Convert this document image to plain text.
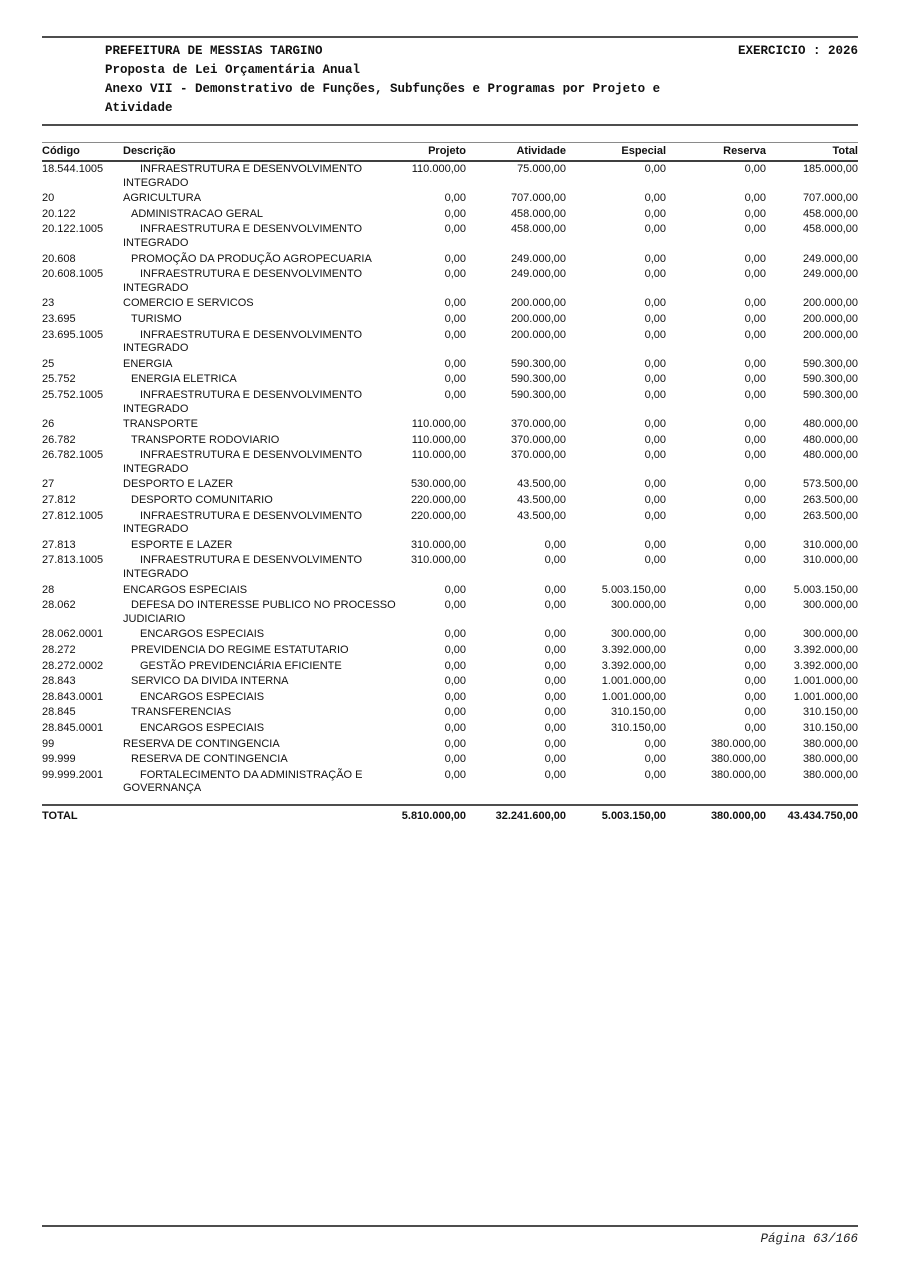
PREFEITURA DE MESSIAS TARGINO	EXERCICIO : 2026
Proposta de Lei Orçamentária Anual
Anexo VII - Demonstrativo de Funções, Subfunções e Programas por Projeto e
Atividade
Código	Descrição	Projeto	Atividade	Especial	Reserva	Total
18.544.1005	INFRAESTRUTURA E DESENVOLVIMENTO INTEGRADO	110.000,00	75.000,00	0,00	0,00	185.000,00
20	AGRICULTURA	0,00	707.000,00	0,00	0,00	707.000,00
20.122	ADMINISTRACAO GERAL	0,00	458.000,00	0,00	0,00	458.000,00
20.122.1005	INFRAESTRUTURA E DESENVOLVIMENTO INTEGRADO	0,00	458.000,00	0,00	0,00	458.000,00
20.608	PROMOÇÃO DA PRODUÇÃO AGROPECUARIA	0,00	249.000,00	0,00	0,00	249.000,00
20.608.1005	INFRAESTRUTURA E DESENVOLVIMENTO INTEGRADO	0,00	249.000,00	0,00	0,00	249.000,00
23	COMERCIO E SERVICOS	0,00	200.000,00	0,00	0,00	200.000,00
23.695	TURISMO	0,00	200.000,00	0,00	0,00	200.000,00
23.695.1005	INFRAESTRUTURA E DESENVOLVIMENTO INTEGRADO	0,00	200.000,00	0,00	0,00	200.000,00
25	ENERGIA	0,00	590.300,00	0,00	0,00	590.300,00
25.752	ENERGIA ELETRICA	0,00	590.300,00	0,00	0,00	590.300,00
25.752.1005	INFRAESTRUTURA E DESENVOLVIMENTO INTEGRADO	0,00	590.300,00	0,00	0,00	590.300,00
26	TRANSPORTE	110.000,00	370.000,00	0,00	0,00	480.000,00
26.782	TRANSPORTE RODOVIARIO	110.000,00	370.000,00	0,00	0,00	480.000,00
26.782.1005	INFRAESTRUTURA E DESENVOLVIMENTO INTEGRADO	110.000,00	370.000,00	0,00	0,00	480.000,00
27	DESPORTO E LAZER	530.000,00	43.500,00	0,00	0,00	573.500,00
27.812	DESPORTO COMUNITARIO	220.000,00	43.500,00	0,00	0,00	263.500,00
27.812.1005	INFRAESTRUTURA E DESENVOLVIMENTO INTEGRADO	220.000,00	43.500,00	0,00	0,00	263.500,00
27.813	ESPORTE E LAZER	310.000,00	0,00	0,00	0,00	310.000,00
27.813.1005	INFRAESTRUTURA E DESENVOLVIMENTO INTEGRADO	310.000,00	0,00	0,00	0,00	310.000,00
28	ENCARGOS ESPECIAIS	0,00	0,00	5.003.150,00	0,00	5.003.150,00
28.062	DEFESA DO INTERESSE PUBLICO NO PROCESSO JUDICIARIO	0,00	0,00	300.000,00	0,00	300.000,00
28.062.0001	ENCARGOS ESPECIAIS	0,00	0,00	300.000,00	0,00	300.000,00
28.272	PREVIDENCIA DO REGIME ESTATUTARIO	0,00	0,00	3.392.000,00	0,00	3.392.000,00
28.272.0002	GESTÃO PREVIDENCIÁRIA EFICIENTE	0,00	0,00	3.392.000,00	0,00	3.392.000,00
28.843	SERVICO DA DIVIDA INTERNA	0,00	0,00	1.001.000,00	0,00	1.001.000,00
28.843.0001	ENCARGOS ESPECIAIS	0,00	0,00	1.001.000,00	0,00	1.001.000,00
28.845	TRANSFERENCIAS	0,00	0,00	310.150,00	0,00	310.150,00
28.845.0001	ENCARGOS ESPECIAIS	0,00	0,00	310.150,00	0,00	310.150,00
99	RESERVA DE CONTINGENCIA	0,00	0,00	0,00	380.000,00	380.000,00
99.999	RESERVA DE CONTINGENCIA	0,00	0,00	0,00	380.000,00	380.000,00
99.999.2001	FORTALECIMENTO DA ADMINISTRAÇÃO E GOVERNANÇA	0,00	0,00	0,00	380.000,00	380.000,00
TOTAL		5.810.000,00	32.241.600,00	5.003.150,00	380.000,00	43.434.750,00
Página 63/166
